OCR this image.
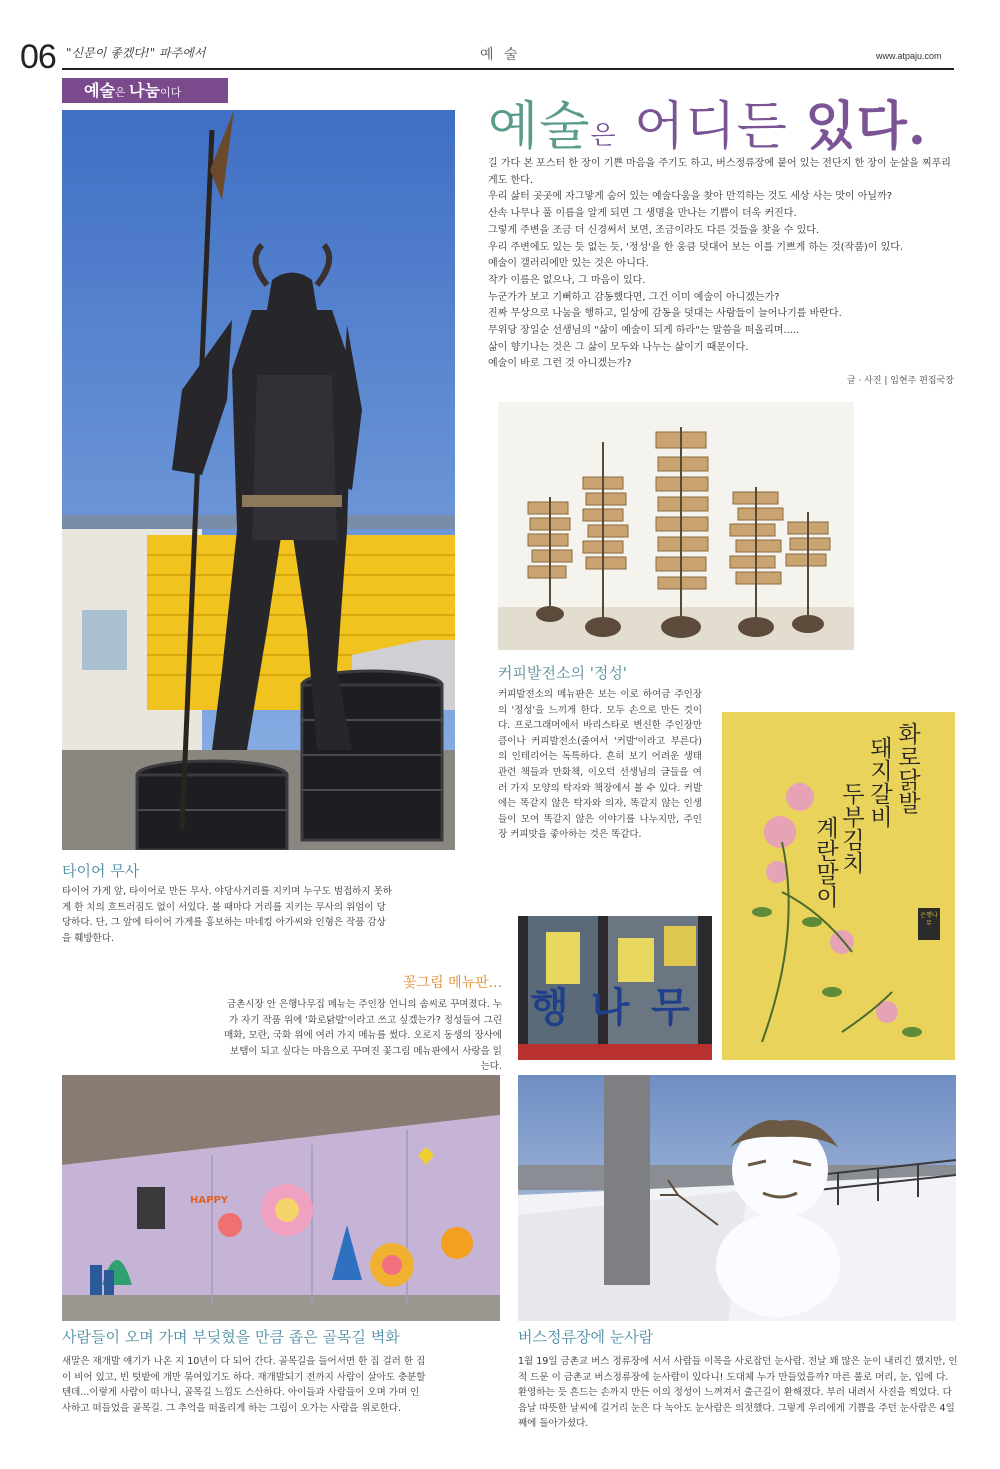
06 "신문이 좋겠다!" 파주에서	예 술	www.atpaju.com
예술은 나눔이다
예술은 어디든 있다.

길 가다 본 포스터 한 장이 기쁜 마음을 주기도 하고, 버스정류장에 붙어 있는 전단지 한 장이 눈살을 찌푸리게도 한다.

우리 삶터 곳곳에 자그맣게 숨어 있는 예술다움을 찾아 만끽하는 것도 세상 사는 맛이 아닐까?

산속 나무나 풀 이름을 알게 되면 그 생명을 만나는 기쁨이 더욱 커진다.

그렇게 주변을 조금 더 신경써서 보면, 조금이라도 다른 것들을 찾을 수 있다.

우리 주변에도 있는 듯 없는 듯, '정성'을 한 웅큼 덧대어 보는 이를 기쁘게 하는 것(작품)이 있다.

예술이 갤러리에만 있는 것은 아니다.

작가 이름은 없으나, 그 마음이 있다.

누군가가 보고 기뻐하고 감동했다면, 그건 이미 예술이 아니겠는가?

진짜 무상으로 나눔을 행하고, 일상에 감동을 덧대는 사람들이 늘어나기를 바란다.

무위당 장일순 선생님의 "삶이 예술이 되게 하라"는 말씀을 떠올리며.....

삶이 향기나는 것은 그 삶이 모두와 나누는 삶이기 때문이다.

예술이 바로 그런 것 아니겠는가?

글 · 사진 | 임현주 편집국장
화로닭발
돼지갈비
두부김치
계란말이
은행나무
행 나 무
HAPPY
타이어 무사

타이어 가게 앞, 타이어로 만든 무사. 야당사거리를 지키며 누구도 범접하지 못하게 한 치의 흐트러짐도 없이 서있다. 볼 때마다 거리를 지키는 무사의 위엄이 당당하다. 단, 그 앞에 타이어 가게를 홍보하는 마네킹 아가씨와 인형은 작품 감상을 훼방한다.

커피발전소의 '정성'

커피발전소의 메뉴판은 보는 이로 하여금 주인장의 '정성'을 느끼게 한다. 모두 손으로 만든 것이다. 프로그래머에서 바리스타로 변신한 주인장만큼이나 커피발전소(줄여서 '커발'이라고 부른다)의 인테리어는 독특하다. 흔히 보기 어려운 생태관련 책들과 만화책, 이오덕 선생님의 글들을 여러 가지 모양의 탁자와 책장에서 볼 수 있다. 커발에는 똑같지 않은 탁자와 의자, 똑같지 않는 인생들이 모여 똑같지 않은 이야기를 나누지만, 주인장 커피맛을 좋아하는 것은 똑같다.

꽃그림 메뉴판...

금촌시장 안 은행나무집 메뉴는 주인장 언니의 솜씨로 꾸며졌다. 누가 자기 작품 위에 '화로닭발'이라고 쓰고 싶겠는가? 정성들여 그린 매화, 모란, 국화 위에 여러 가지 메뉴를 썼다. 오로지 동생의 장사에 보탬이 되고 싶다는 마음으로 꾸며진 꽃그림 메뉴판에서 사랑을 읽는다.

사람들이 오며 가며 부딪혔을 만큼 좁은 골목길 벽화

새말은 재개발 얘기가 나온 지 10년이 다 되어 간다. 골목길을 들어서면 한 집 걸러 한 집이 비어 있고, 빈 텃밭에 개만 묶여있기도 하다. 재개발되기 전까지 사람이 살아도 충분할 텐데...이렇게 사람이 떠나니, 골목길 느낌도 스산하다. 아이들과 사람들이 오며 가며 인사하고 떠들었을 골목길. 그 추억을 떠올리게 하는 그림이 오가는 사람을 위로한다.

버스정류장에 눈사람

1월 19일 금촌교 버스 정류장에 서서 사람들 이목을 사로잡던 눈사람. 전날 꽤 많은 눈이 내리긴 했지만, 인적 드문 이 금촌교 버스정류장에 눈사람이 있다니! 도대체 누가 만들었을까? 마른 풀로 머리, 눈, 입에 다. 환영하는 듯 흔드는 손까지 만든 이의 정성이 느껴져서 출근길이 환해졌다. 부러 내려서 사진을 찍었다. 다음날 따뜻한 날씨에 길거리 눈은 다 녹아도 눈사람은 의젓했다. 그렇게 우리에게 기쁨을 주던 눈사람은 4일째에 돌아가셨다.
